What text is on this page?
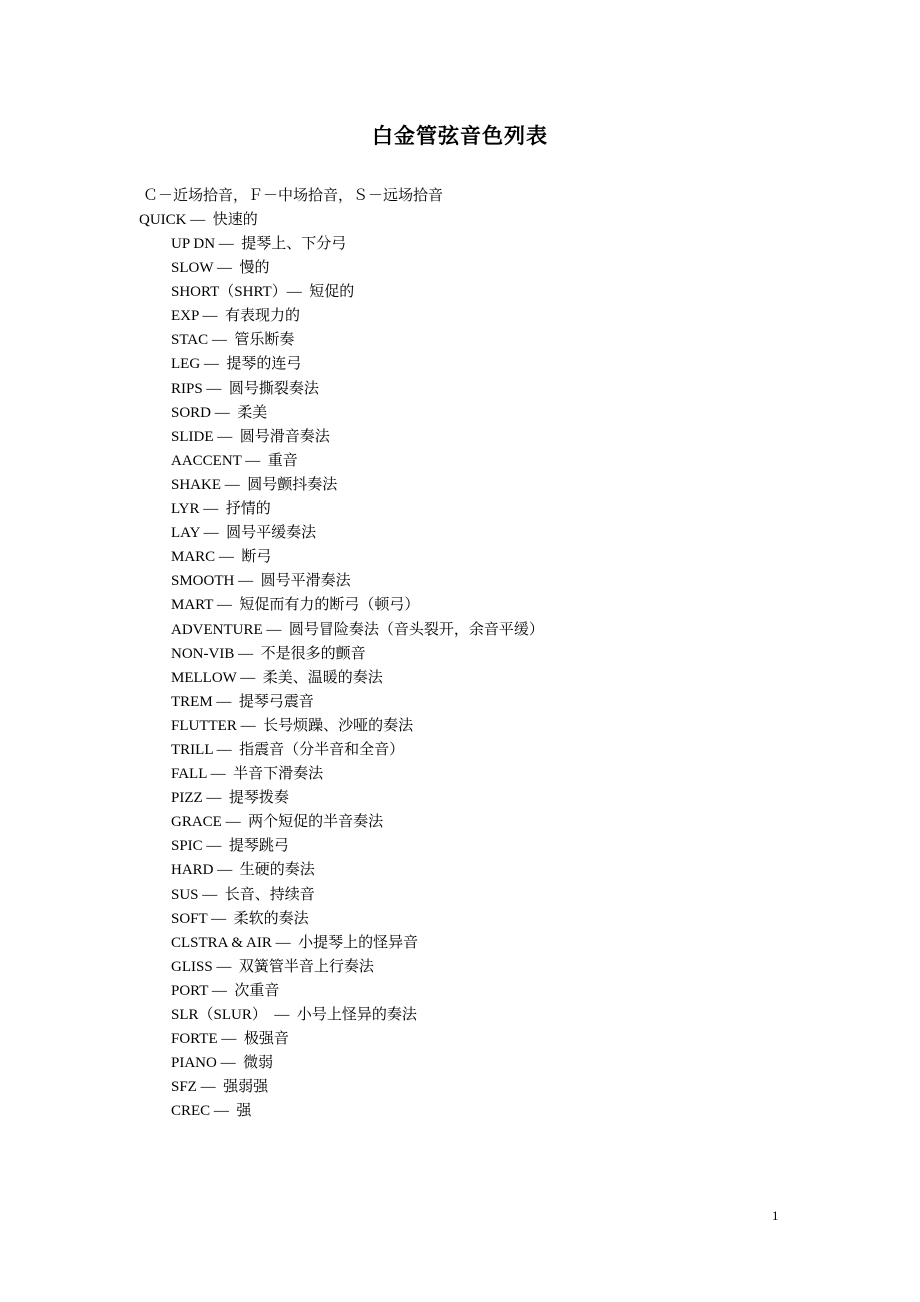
白金管弦音色列表

Ｃ－近场拾音，Ｆ－中场拾音，Ｓ－远场拾音

QUICK —  快速的

UP DN —  提琴上、下分弓
SLOW —  慢的
SHORT（SHRT）—  短促的
EXP —  有表现力的
STAC —  管乐断奏
LEG —  提琴的连弓
RIPS —  圆号撕裂奏法
SORD —  柔美
SLIDE —  圆号滑音奏法
AACCENT —  重音
SHAKE —  圆号颤抖奏法
LYR —  抒情的
LAY —  圆号平缓奏法
MARC —  断弓
SMOOTH —  圆号平滑奏法
MART —  短促而有力的断弓（顿弓）
ADVENTURE —  圆号冒险奏法（音头裂开，余音平缓）
NON-VIB —  不是很多的颤音
MELLOW —  柔美、温暖的奏法
TREM —  提琴弓震音
FLUTTER —  长号烦躁、沙哑的奏法
TRILL —  指震音（分半音和全音）
FALL —  半音下滑奏法
PIZZ —  提琴拨奏
GRACE —  两个短促的半音奏法
SPIC —  提琴跳弓
HARD —  生硬的奏法
SUS —  长音、持续音
SOFT —  柔软的奏法
CLSTRA & AIR —  小提琴上的怪异音
GLISS —  双簧管半音上行奏法
PORT —  次重音
SLR（SLUR）  —  小号上怪异的奏法
FORTE —  极强音
PIANO —  微弱
SFZ —  强弱强
CREC —  强

1
